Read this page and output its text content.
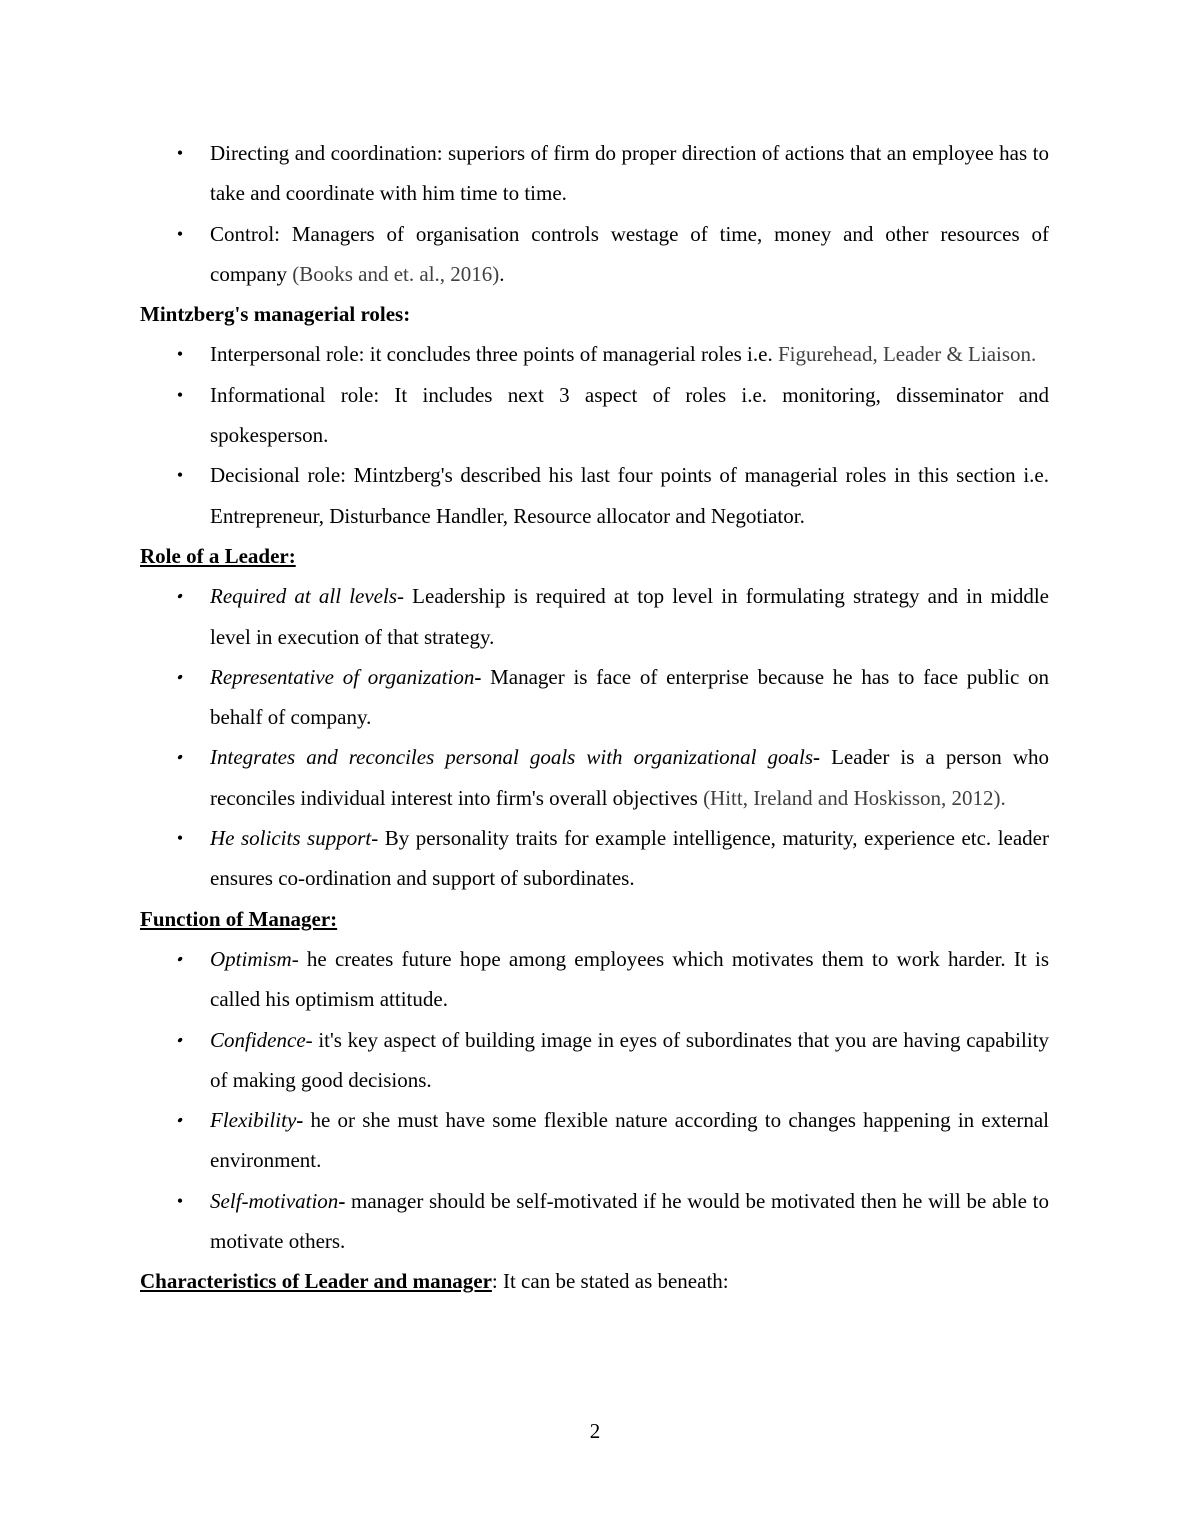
• Directing and coordination: superiors of firm do proper direction of actions that an employee has to take and coordinate with him time to time.
• Control: Managers of organisation controls westage of time, money and other resources of company (Books and et. al., 2016).

Mintzberg's managerial roles:

• Interpersonal role: it concludes three points of managerial roles i.e. Figurehead, Leader & Liaison.
• Informational role: It includes next 3 aspect of roles i.e. monitoring, disseminator and spokesperson.
• Decisional role: Mintzberg's described his last four points of managerial roles in this section i.e. Entrepreneur, Disturbance Handler, Resource allocator and Negotiator.

Role of a Leader:

•	Required at all levels- Leadership is required at top level in formulating strategy and in middle level in execution of that strategy.
•	Representative of organization- Manager is face of enterprise because he has to face public on behalf of company.
•	Integrates and reconciles personal goals with organizational goals- Leader is a person who reconciles individual interest into firm's overall objectives (Hitt, Ireland and Hoskisson, 2012).
• He solicits support- By personality traits for example intelligence, maturity, experience etc. leader ensures co-ordination and support of subordinates.

Function of Manager:

•	Optimism- he creates future hope among employees which motivates them to work harder. It is called his optimism attitude.
•	Confidence- it's key aspect of building image in eyes of subordinates that you are having capability of making good decisions.
•	Flexibility- he or she must have some flexible nature according to changes happening in external environment.
• Self-motivation- manager should be self-motivated if he would be motivated then he will be able to motivate others.

Characteristics of Leader and manager: It can be stated as beneath:

2
